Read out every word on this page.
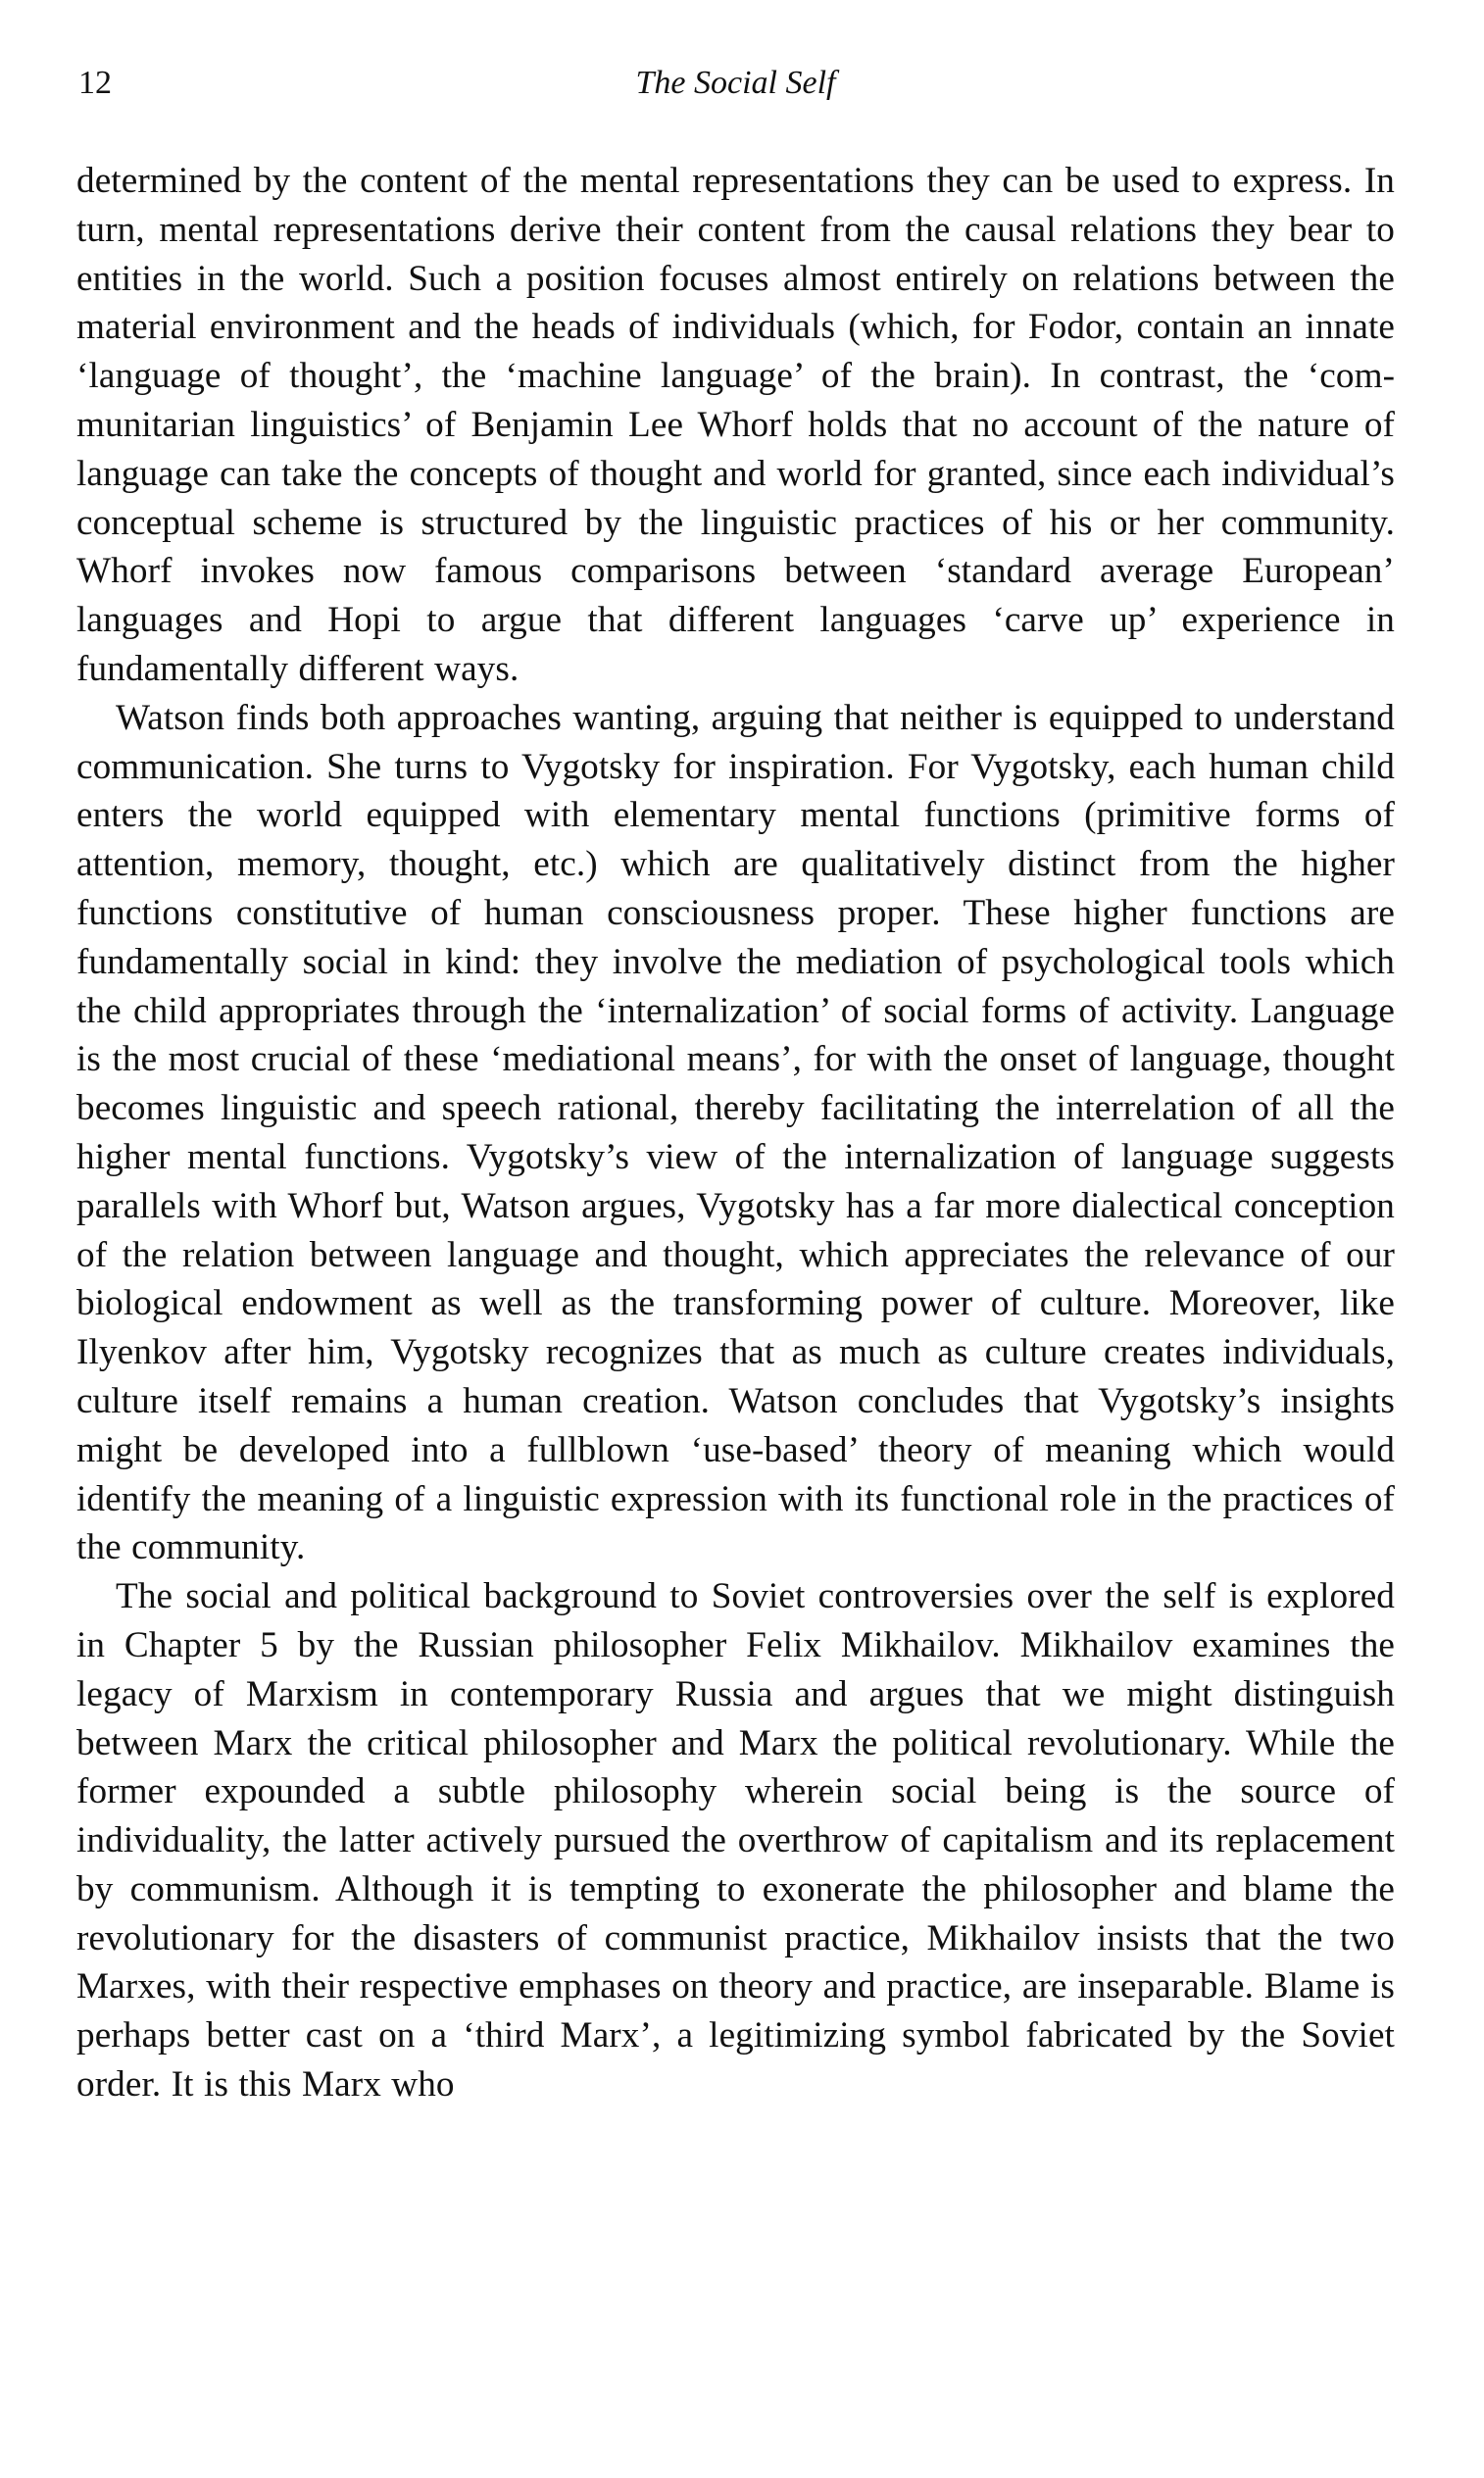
12	The Social Self

determined by the content of the mental representations they can be used to express. In turn, mental representations derive their content from the causal relations they bear to entities in the world. Such a position focuses almost entirely on relations between the material environment and the heads of individuals (which, for Fodor, contain an innate ‘language of thought’, the ‘machine language’ of the brain). In contrast, the ‘communitarian linguistics’ of Benjamin Lee Whorf holds that no account of the nature of language can take the concepts of thought and world for granted, since each individual’s conceptual scheme is structured by the linguistic practices of his or her community. Whorf invokes now famous comparisons between ‘standard average European’ languages and Hopi to argue that different languages ‘carve up’ experience in fundamentally different ways.

Watson finds both approaches wanting, arguing that neither is equipped to understand communication. She turns to Vygotsky for inspiration. For Vygotsky, each human child enters the world equipped with elementary mental functions (primitive forms of attention, memory, thought, etc.) which are qualitatively distinct from the higher functions constitutive of human consciousness proper. These higher functions are fundamentally social in kind: they involve the mediation of psychological tools which the child appropriates through the ‘internalization’ of social forms of activity. Language is the most crucial of these ‘mediational means’, for with the onset of language, thought becomes linguistic and speech rational, thereby facilitating the interrelation of all the higher mental functions. Vygotsky’s view of the internalization of language suggests parallels with Whorf but, Watson argues, Vygotsky has a far more dialectical conception of the relation between language and thought, which appreciates the relevance of our biological endowment as well as the transforming power of culture. Moreover, like Ilyenkov after him, Vygotsky recognizes that as much as culture creates individuals, culture itself remains a human creation. Watson concludes that Vygotsky’s insights might be developed into a fullblown ‘use-based’ theory of meaning which would identify the meaning of a linguistic expression with its functional role in the practices of the community.

The social and political background to Soviet controversies over the self is explored in Chapter 5 by the Russian philosopher Felix Mikhailov. Mikhailov examines the legacy of Marxism in contemporary Russia and argues that we might distinguish between Marx the critical philosopher and Marx the political revolutionary. While the former expounded a subtle philosophy wherein social being is the source of individuality, the latter actively pursued the overthrow of capitalism and its replacement by communism. Although it is tempting to exonerate the philosopher and blame the revolutionary for the disasters of communist practice, Mikhailov insists that the two Marxes, with their respective emphases on theory and practice, are inseparable. Blame is perhaps better cast on a ‘third Marx’, a legitimizing symbol fabricated by the Soviet order. It is this Marx who
